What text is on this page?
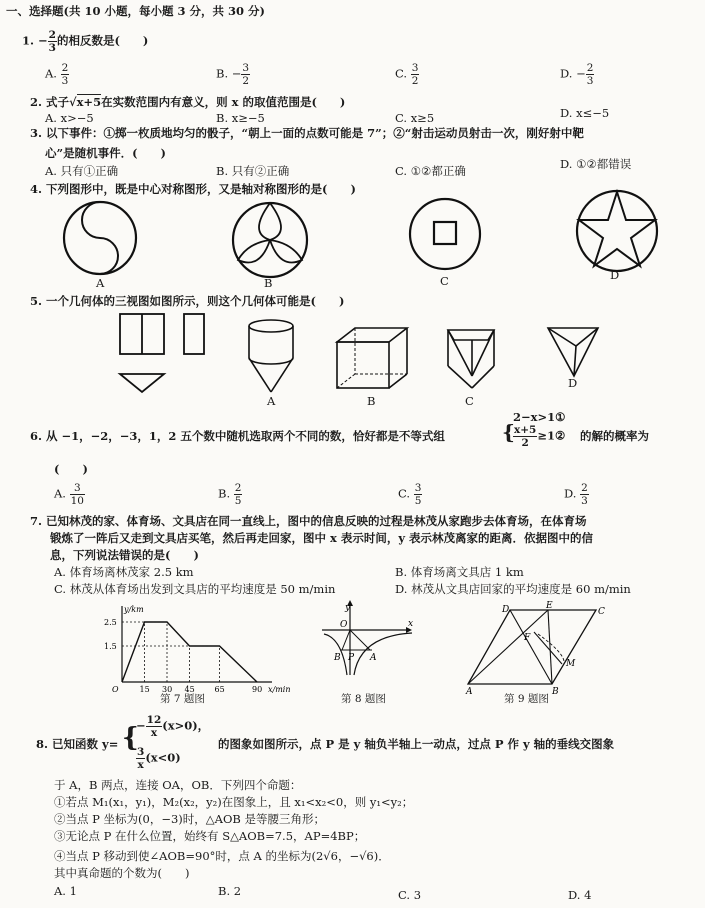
一、选择题(共 10 小题，每小题 3 分，共 30 分)
1. − $\frac{2}{3}$ 的相反数是(　　)
A. $\frac{2}{3}$	B. − $\frac{3}{2}$	C. $\frac{3}{2}$	D. − $\frac{2}{3}$
2. 式子√x+5在实数范围内有意义，则 x 的取值范围是(　　)
A. x>−5	B. x≥−5	C. x≥5	D. x≤−5
3. 以下事件：①掷一枚质地均匀的骰子，“朝上一面的点数可能是 7”；②“射击运动员射击一次，刚好射中靶
心”是随机事件．(　　)
A. 只有①正确	B. 只有②正确	C. ①②都正确	D. ①②都错误
4. 下列图形中，既是中心对称图形，又是轴对称图形的是(　　)
A	B	C	D
5. 一个几何体的三视图如图所示，则这个几何体可能是(　　)
A	B	C
D
6. 从 −1，−2，−3，1，2 五个数中随机选取两个不同的数，恰好都是不等式组	{
2−x>1①
$\frac{x+5}{2}$ ≥1② 的解的概率为
(　　)
A. $\frac{3}{10}$	B. $\frac{2}{5}$	C. $\frac{3}{5}$	D. $\frac{2}{3}$
7. 已知林茂的家、体育场、文具店在同一直线上，图中的信息反映的过程是林茂从家跑步去体育场，在体育场
锻炼了一阵后又走到文具店买笔，然后再走回家，图中 x 表示时间，y 表示林茂离家的距离．依据图中的信
息，下列说法错误的是(　　)
A. 体育场离林茂家 2.5 km	B. 体育场离文具店 1 km
C. 林茂从体育场出发到文具店的平均速度是 50 m/min	D. 林茂从文具店回家的平均速度是 60 m/min
2.5
1.5
15 30 45 65	90
O
y/km
x/min
第 7 题图
y
x
O
B P A
第 8 题图
D	E
C
F
M
A	B
第 9 题图
8. 已知函数 y= {
− $\frac{12}{x} (x>0)$，
$\frac{3}{x} (x<0)$
的图象如图所示，点 P 是 y 轴负半轴上一动点，过点 P 作 y 轴的垂线交图象
于 A，B 两点，连接 OA，OB．下列四个命题：
①若点 M₁(x₁，y₁)，M₂(x₂，y₂)在图象上，且 x₁<x₂<0，则 y₁<y₂；
②当点 P 坐标为(0，−3)时，△AOB 是等腰三角形；
③无论点 P 在什么位置，始终有 S△AOB=7.5，AP=4BP；
④当点 P 移动到使∠AOB=90°时，点 A 的坐标为(2√6，−√6)．
其中真命题的个数为(　　)
A. 1	B. 2	C. 3	D. 4
